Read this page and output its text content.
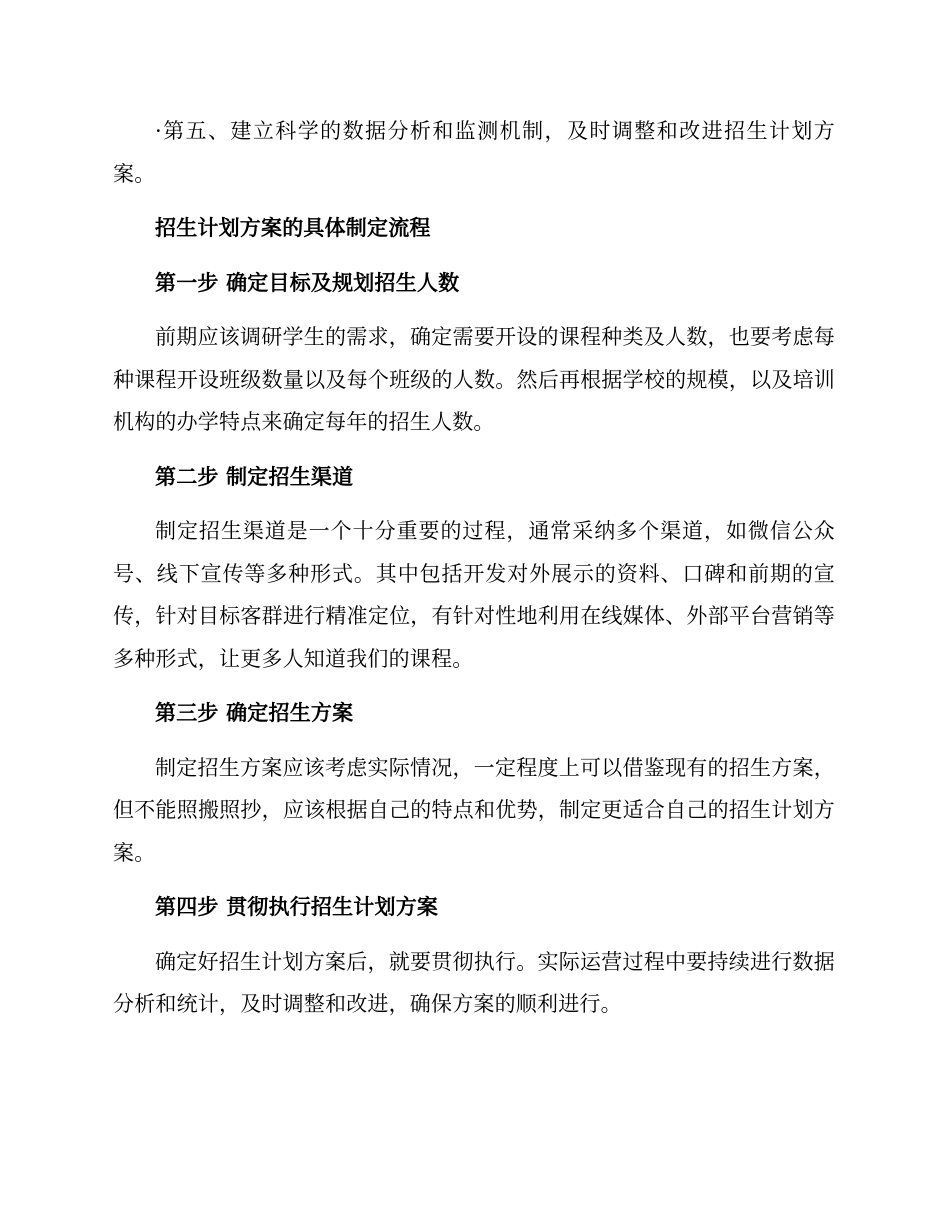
·第五、建立科学的数据分析和监测机制，及时调整和改进招生计划方案。

招生计划方案的具体制定流程
第一步 确定目标及规划招生人数

前期应该调研学生的需求，确定需要开设的课程种类及人数，也要考虑每种课程开设班级数量以及每个班级的人数。然后再根据学校的规模，以及培训机构的办学特点来确定每年的招生人数。

第二步 制定招生渠道

制定招生渠道是一个十分重要的过程，通常采纳多个渠道，如微信公众号、线下宣传等多种形式。其中包括开发对外展示的资料、口碑和前期的宣传，针对目标客群进行精准定位，有针对性地利用在线媒体、外部平台营销等多种形式，让更多人知道我们的课程。

第三步 确定招生方案

制定招生方案应该考虑实际情况，一定程度上可以借鉴现有的招生方案，但不能照搬照抄，应该根据自己的特点和优势，制定更适合自己的招生计划方案。

第四步 贯彻执行招生计划方案

确定好招生计划方案后，就要贯彻执行。实际运营过程中要持续进行数据分析和统计，及时调整和改进，确保方案的顺利进行。
